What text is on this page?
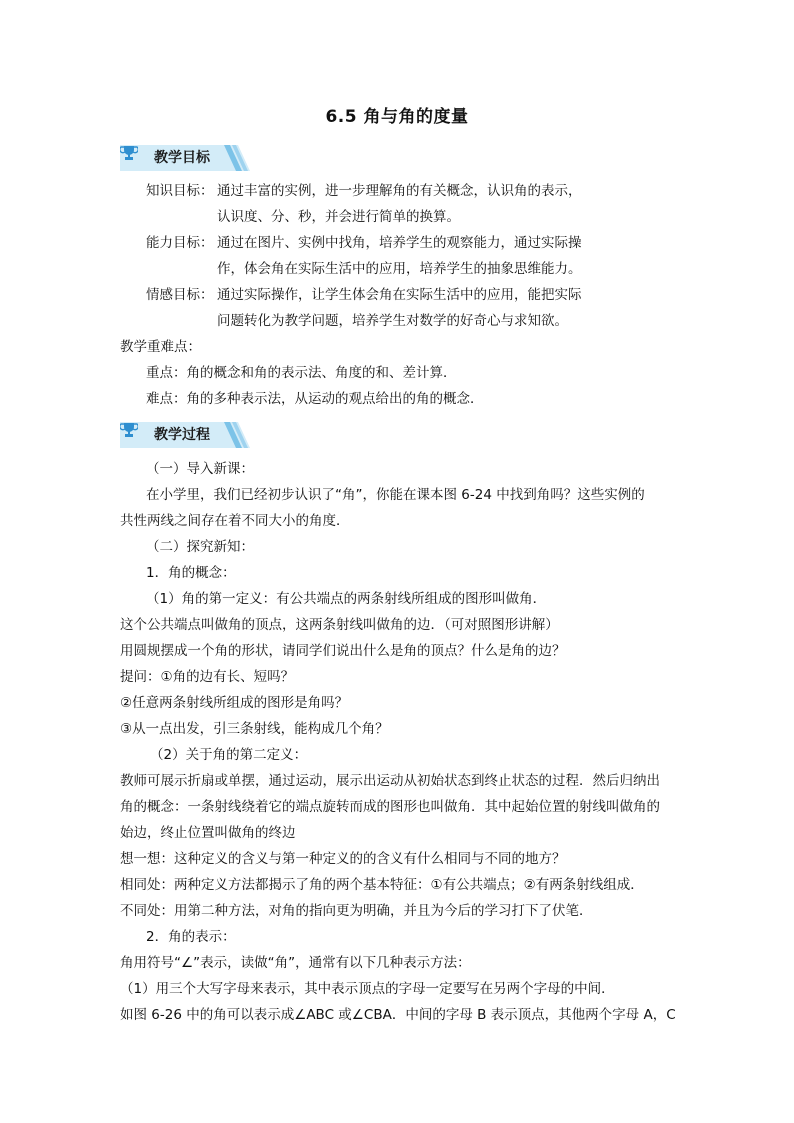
6.5 角与角的度量
教学目标
知识目标： 通过丰富的实例，进一步理解角的有关概念，认识角的表示，
认识度、分、秒，并会进行简单的换算。
能力目标： 通过在图片、实例中找角，培养学生的观察能力，通过实际操
作，体会角在实际生活中的应用，培养学生的抽象思维能力。
情感目标： 通过实际操作，让学生体会角在实际生活中的应用，能把实际
问题转化为教学问题，培养学生对数学的好奇心与求知欲。
教学重难点：
重点：角的概念和角的表示法、角度的和、差计算．
难点：角的多种表示法，从运动的观点给出的角的概念．
教学过程
（一）导入新课：
在小学里，我们已经初步认识了“角”，你能在课本图 6-24 中找到角吗？这些实例的
共性两线之间存在着不同大小的角度．
（二）探究新知：
1．角的概念：
（1）角的第一定义：有公共端点的两条射线所组成的图形叫做角．
这个公共端点叫做角的顶点，这两条射线叫做角的边．（可对照图形讲解）
用圆规摆成一个角的形状，请同学们说出什么是角的顶点？什么是角的边？
提问：①角的边有长、短吗？
②任意两条射线所组成的图形是角吗？
③从一点出发，引三条射线，能构成几个角？
（2）关于角的第二定义：
教师可展示折扇或单摆，通过运动，展示出运动从初始状态到终止状态的过程．然后归纳出
角的概念：一条射线绕着它的端点旋转而成的图形也叫做角．其中起始位置的射线叫做角的
始边，终止位置叫做角的终边
想一想：这种定义的含义与第一种定义的的含义有什么相同与不同的地方？
相同处：两种定义方法都揭示了角的两个基本特征：①有公共端点；②有两条射线组成．
不同处：用第二种方法，对角的指向更为明确，并且为今后的学习打下了伏笔．
2．角的表示：
角用符号“∠”表示，读做“角”，通常有以下几种表示方法：
（1）用三个大写字母来表示，其中表示顶点的字母一定要写在另两个字母的中间．
如图 6-26 中的角可以表示成∠ABC 或∠CBA．中间的字母 B 表示顶点，其他两个字母 A，C
